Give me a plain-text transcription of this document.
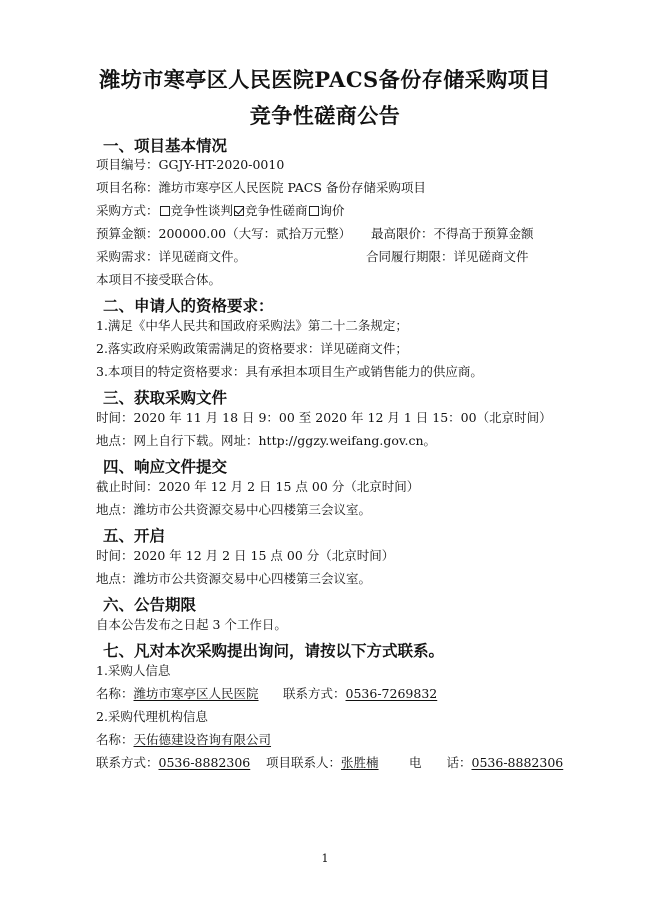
潍坊市寒亭区人民医院PACS备份存储采购项目
竞争性磋商公告
一、项目基本情况
项目编号：GGJY-HT-2020-0010
项目名称：潍坊市寒亭区人民医院 PACS 备份存储采购项目
采购方式： 竞争性谈判 竞争性磋商 询价
预算金额：200000.00（大写：贰拾万元整） 最高限价：不得高于预算金额
采购需求：详见磋商文件。	合同履行期限：详见磋商文件
本项目不接受联合体。
二、申请人的资格要求：
1.满足《中华人民共和国政府采购法》第二十二条规定；
2.落实政府采购政策需满足的资格要求：详见磋商文件；
3.本项目的特定资格要求：具有承担本项目生产或销售能力的供应商。
三、获取采购文件
时间：2020 年 11 月 18 日 9：00 至 2020 年 12 月 1 日 15：00（北京时间）
地点：网上自行下载。网址：http://ggzy.weifang.gov.cn。
四、响应文件提交
截止时间：2020 年 12 月 2 日 15 点 00 分（北京时间）
地点：潍坊市公共资源交易中心四楼第三会议室。
五、开启
时间：2020 年 12 月 2 日 15 点 00 分（北京时间）
地点：潍坊市公共资源交易中心四楼第三会议室。
六、公告期限
自本公告发布之日起 3 个工作日。
七、凡对本次采购提出询问，请按以下方式联系。
1.采购人信息
名称：潍坊市寒亭区人民医院 联系方式：0536-7269832
2.采购代理机构信息
名称：天佑德建设咨询有限公司
联系方式：0536-8882306 项目联系人：张胜楠 电　　话：0536-8882306
1
